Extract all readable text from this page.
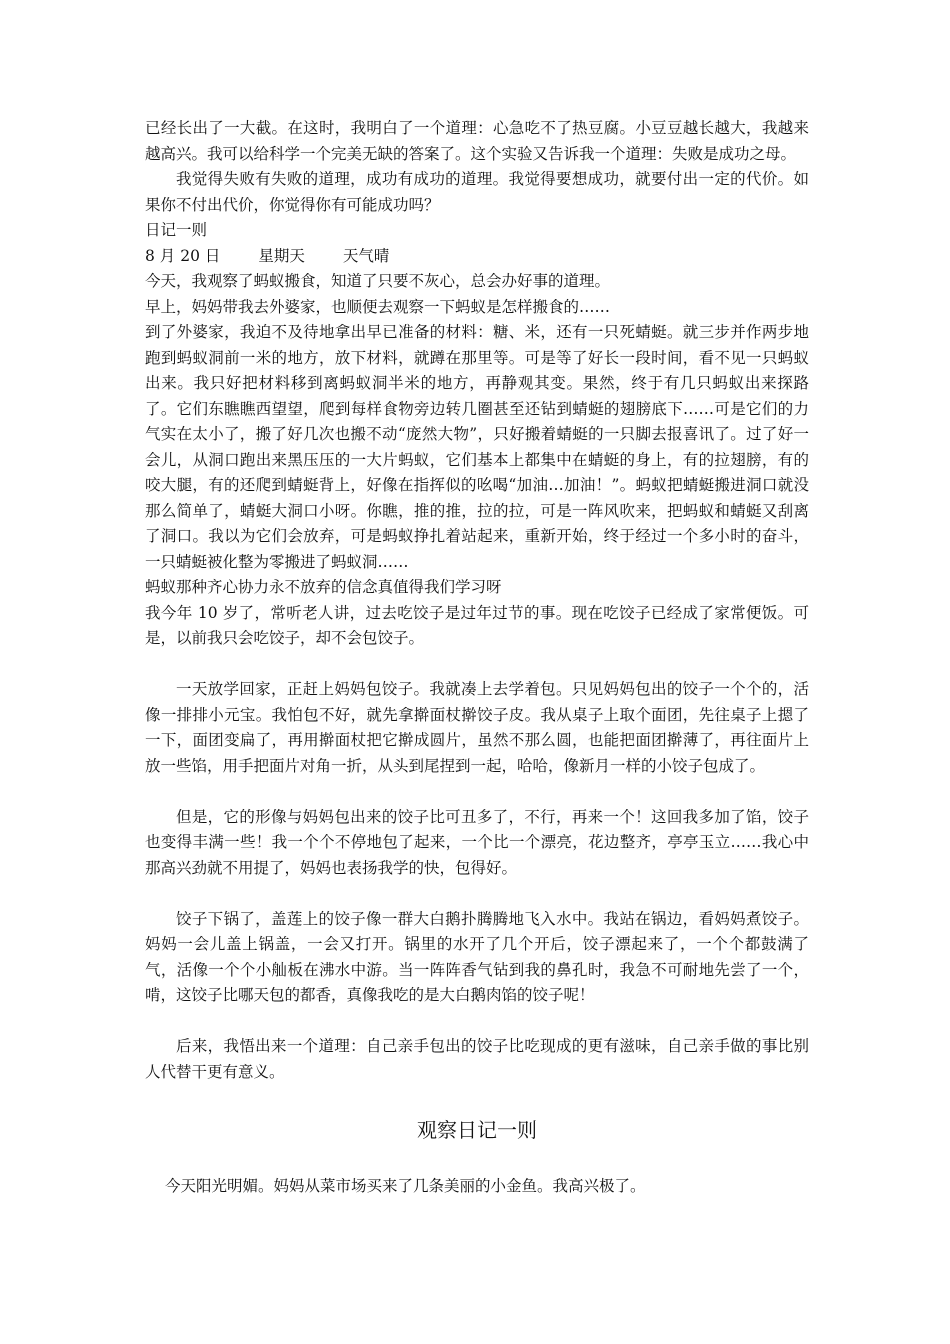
已经长出了一大截。在这时，我明白了一个道理：心急吃不了热豆腐。小豆豆越长越大，我越来越高兴。我可以给科学一个完美无缺的答案了。这个实验又告诉我一个道理：失败是成功之母。

我觉得失败有失败的道理，成功有成功的道理。我觉得要想成功，就要付出一定的代价。如果你不付出代价，你觉得你有可能成功吗？

日记一则

8 月 20 日 星期天 天气晴

今天，我观察了蚂蚁搬食，知道了只要不灰心，总会办好事的道理。

早上，妈妈带我去外婆家，也顺便去观察一下蚂蚁是怎样搬食的……

到了外婆家，我迫不及待地拿出早已准备的材料：糖、米，还有一只死蜻蜓。就三步并作两步地跑到蚂蚁洞前一米的地方，放下材料，就蹲在那里等。可是等了好长一段时间，看不见一只蚂蚁出来。我只好把材料移到离蚂蚁洞半米的地方，再静观其变。果然，终于有几只蚂蚁出来探路了。它们东瞧瞧西望望，爬到每样食物旁边转几圈甚至还钻到蜻蜓的翅膀底下……可是它们的力气实在太小了，搬了好几次也搬不动“庞然大物”，只好搬着蜻蜓的一只脚去报喜讯了。过了好一会儿，从洞口跑出来黑压压的一大片蚂蚁，它们基本上都集中在蜻蜓的身上，有的拉翅膀，有的咬大腿，有的还爬到蜻蜓背上，好像在指挥似的吆喝“加油…加油！”。蚂蚁把蜻蜓搬进洞口就没那么简单了，蜻蜓大洞口小呀。你瞧，推的推，拉的拉，可是一阵风吹来，把蚂蚁和蜻蜓又刮离了洞口。我以为它们会放弃，可是蚂蚁挣扎着站起来，重新开始，终于经过一个多小时的奋斗，一只蜻蜓被化整为零搬进了蚂蚁洞……

蚂蚁那种齐心协力永不放弃的信念真值得我们学习呀

我今年 10 岁了，常听老人讲，过去吃饺子是过年过节的事。现在吃饺子已经成了家常便饭。可是，以前我只会吃饺子，却不会包饺子。

一天放学回家，正赶上妈妈包饺子。我就凑上去学着包。只见妈妈包出的饺子一个个的，活像一排排小元宝。我怕包不好，就先拿擀面杖擀饺子皮。我从桌子上取个面团，先往桌子上摁了一下，面团变扁了，再用擀面杖把它擀成圆片，虽然不那么圆，也能把面团擀薄了，再往面片上放一些馅，用手把面片对角一折，从头到尾捏到一起，哈哈，像新月一样的小饺子包成了。

但是，它的形像与妈妈包出来的饺子比可丑多了，不行，再来一个！这回我多加了馅，饺子也变得丰满一些！我一个个不停地包了起来，一个比一个漂亮，花边整齐，亭亭玉立……我心中那高兴劲就不用提了，妈妈也表扬我学的快，包得好。

饺子下锅了，盖莲上的饺子像一群大白鹅扑腾腾地飞入水中。我站在锅边，看妈妈煮饺子。妈妈一会儿盖上锅盖，一会又打开。锅里的水开了几个开后，饺子漂起来了，一个个都鼓满了气，活像一个个小舢板在沸水中游。当一阵阵香气钻到我的鼻孔时，我急不可耐地先尝了一个，啃，这饺子比哪天包的都香，真像我吃的是大白鹅肉馅的饺子呢！

后来，我悟出来一个道理：自己亲手包出的饺子比吃现成的更有滋味，自己亲手做的事比别人代替干更有意义。

观察日记一则

今天阳光明媚。妈妈从菜市场买来了几条美丽的小金鱼。我高兴极了。
